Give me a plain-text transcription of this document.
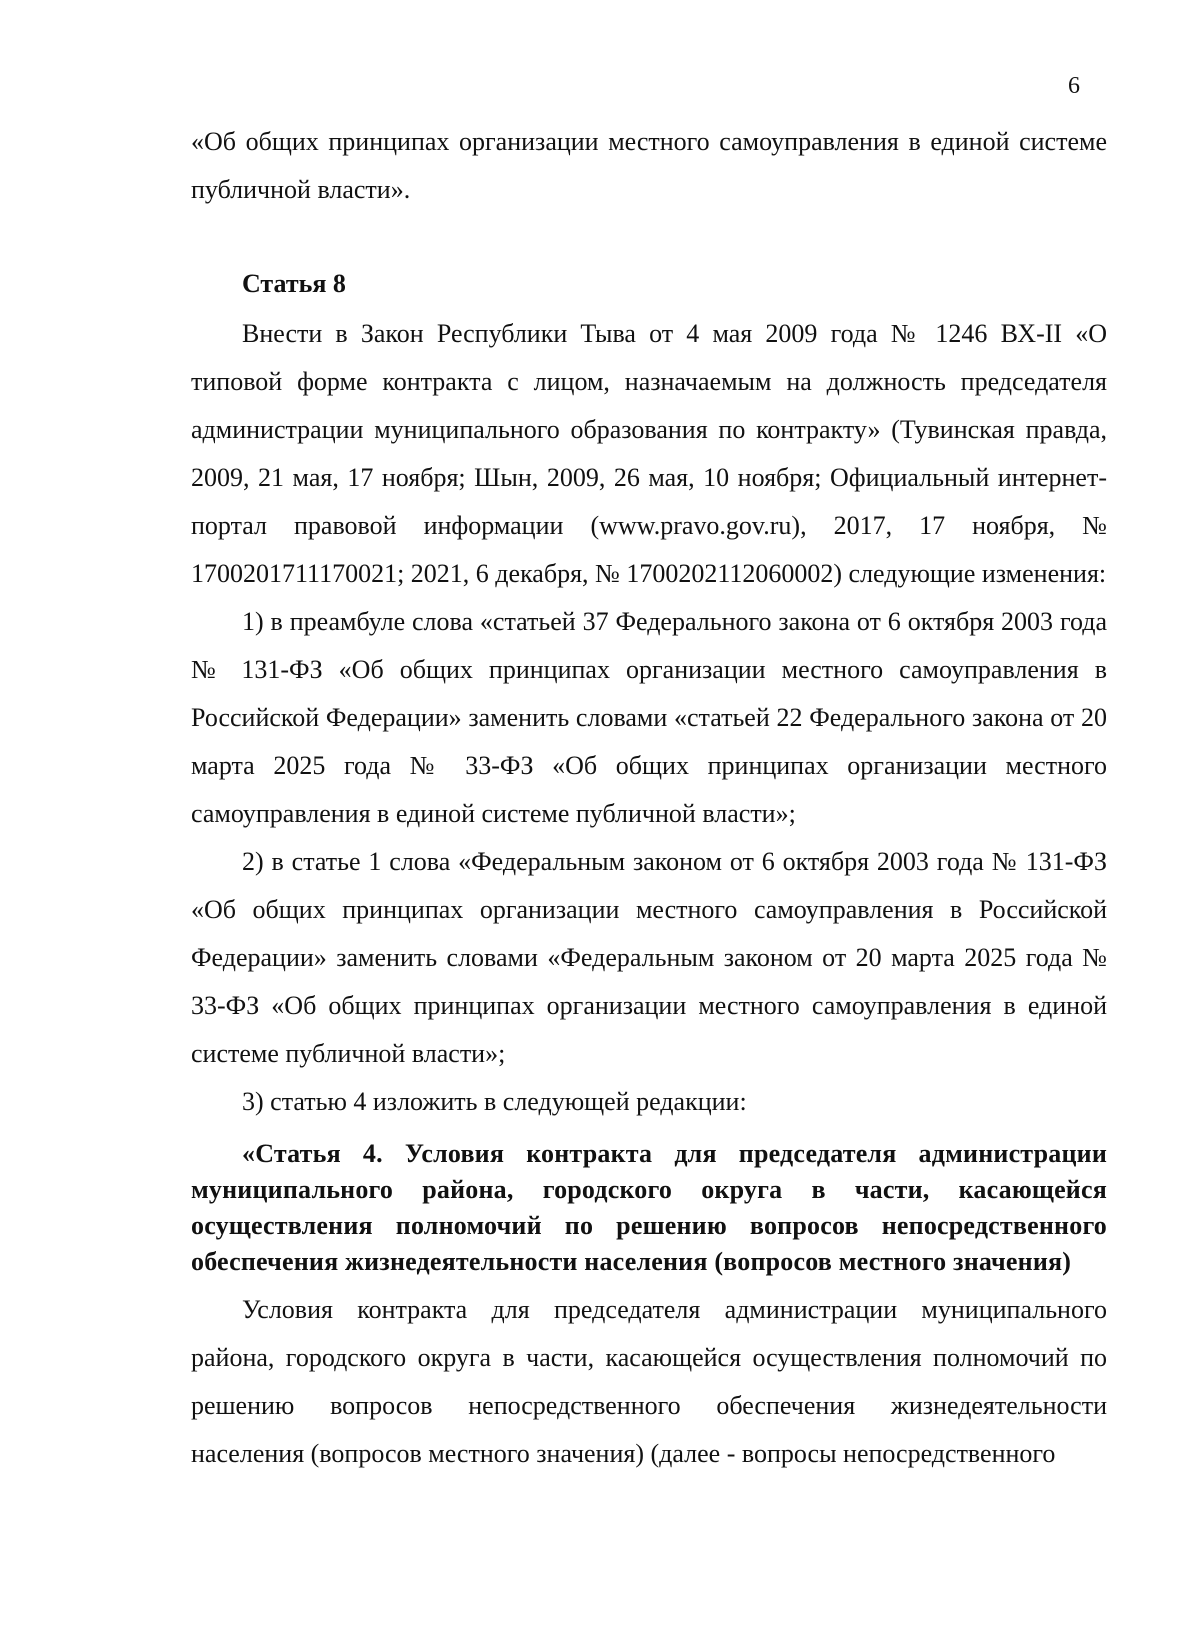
6

«Об общих принципах организации местного самоуправления в единой системе публичной власти».

Статья 8

Внести в Закон Республики Тыва от 4 мая 2009 года № 1246 ВХ-II «О типовой форме контракта с лицом, назначаемым на должность председателя администрации муниципального образования по контракту» (Тувинская правда, 2009, 21 мая, 17 ноября; Шын, 2009, 26 мая, 10 ноября; Официальный интернет-портал правовой информации (www.pravo.gov.ru), 2017, 17 ноября, № 1700201711170021; 2021, 6 декабря, № 1700202112060002) следующие изменения:

1) в преамбуле слова «статьей 37 Федерального закона от 6 октября 2003 года № 131-ФЗ «Об общих принципах организации местного самоуправления в Российской Федерации» заменить словами «статьей 22 Федерального закона от 20 марта 2025 года № 33-ФЗ «Об общих принципах организации местного самоуправления в единой системе публичной власти»;

2) в статье 1 слова «Федеральным законом от 6 октября 2003 года № 131-ФЗ «Об общих принципах организации местного самоуправления в Российской Федерации» заменить словами «Федеральным законом от 20 марта 2025 года № 33-ФЗ «Об общих принципах организации местного самоуправления в единой системе публичной власти»;

3) статью 4 изложить в следующей редакции:

«Статья 4. Условия контракта для председателя администрации муниципального района, городского округа в части, касающейся осуществления полномочий по решению вопросов непосредственного обеспечения жизнедеятельности населения (вопросов местного значения)

Условия контракта для председателя администрации муниципального района, городского округа в части, касающейся осуществления полномочий по решению вопросов непосредственного обеспечения жизнедеятельности населения (вопросов местного значения) (далее - вопросы непосредственного
